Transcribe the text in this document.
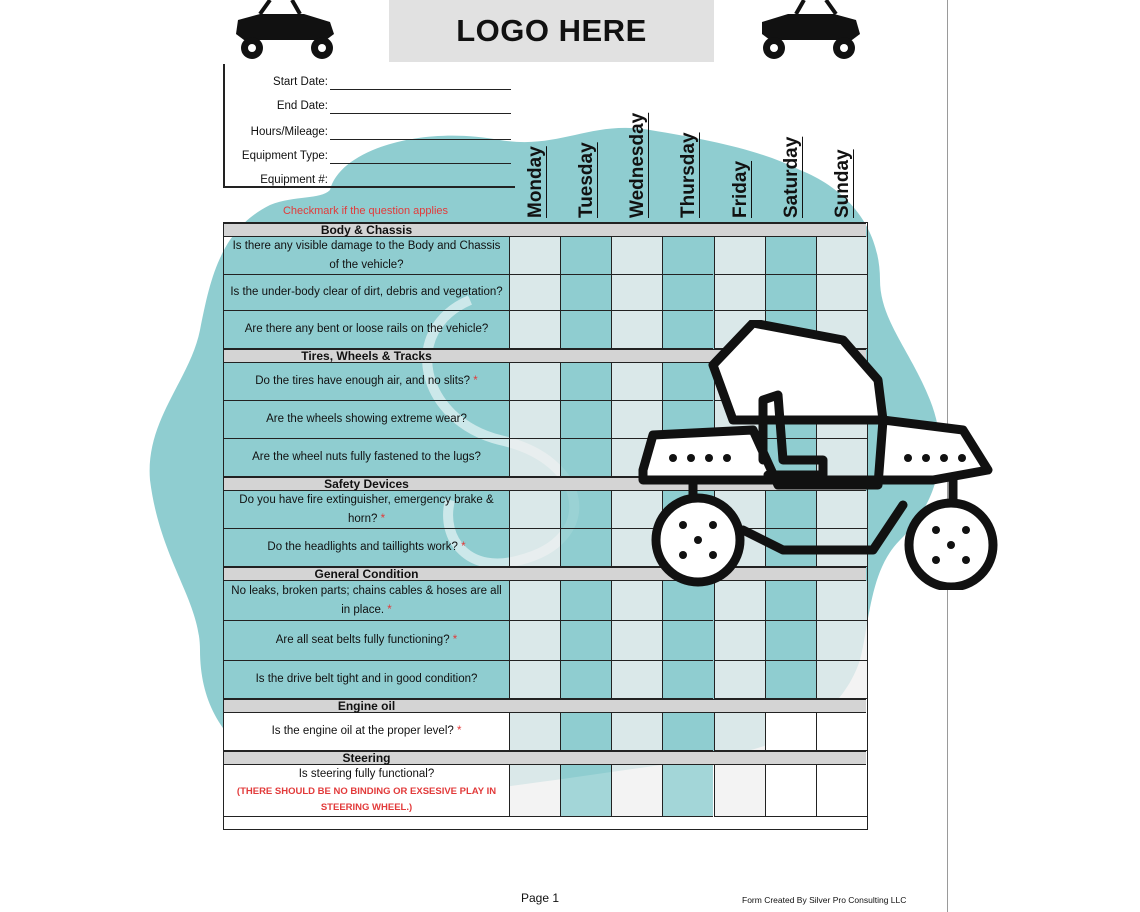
LOGO HERE
Start Date:
End Date:
Hours/Mileage:
Equipment Type:
Equipment #:
Checkmark if the question applies	Monday Tuesday Wednesday Thursday Friday Saturday Sunday
Body & Chassis
Is there any visible damage to the Body and Chassis of the vehicle?
Is the under-body clear of dirt, debris and vegetation?
Are there any bent or loose rails on the vehicle?
Tires, Wheels & Tracks
Do the tires have enough air, and no slits? *
Are the wheels showing extreme wear?
Are the wheel nuts fully fastened to the lugs?
Safety Devices
Do you have fire extinguisher, emergency brake & horn? *
Do the headlights and taillights work? *
General Condition
No leaks, broken parts; chains cables & hoses are all in place. *
Are all seat belts fully functioning? *
Is the drive belt tight and in good condition?
Engine oil
Is the engine oil at the proper level? *
Steering
Is steering fully functional?
(THERE SHOULD BE NO BINDING OR EXSESIVE PLAY IN STEERING WHEEL.)
Page 1	Form Created By Silver Pro Consulting LLC
